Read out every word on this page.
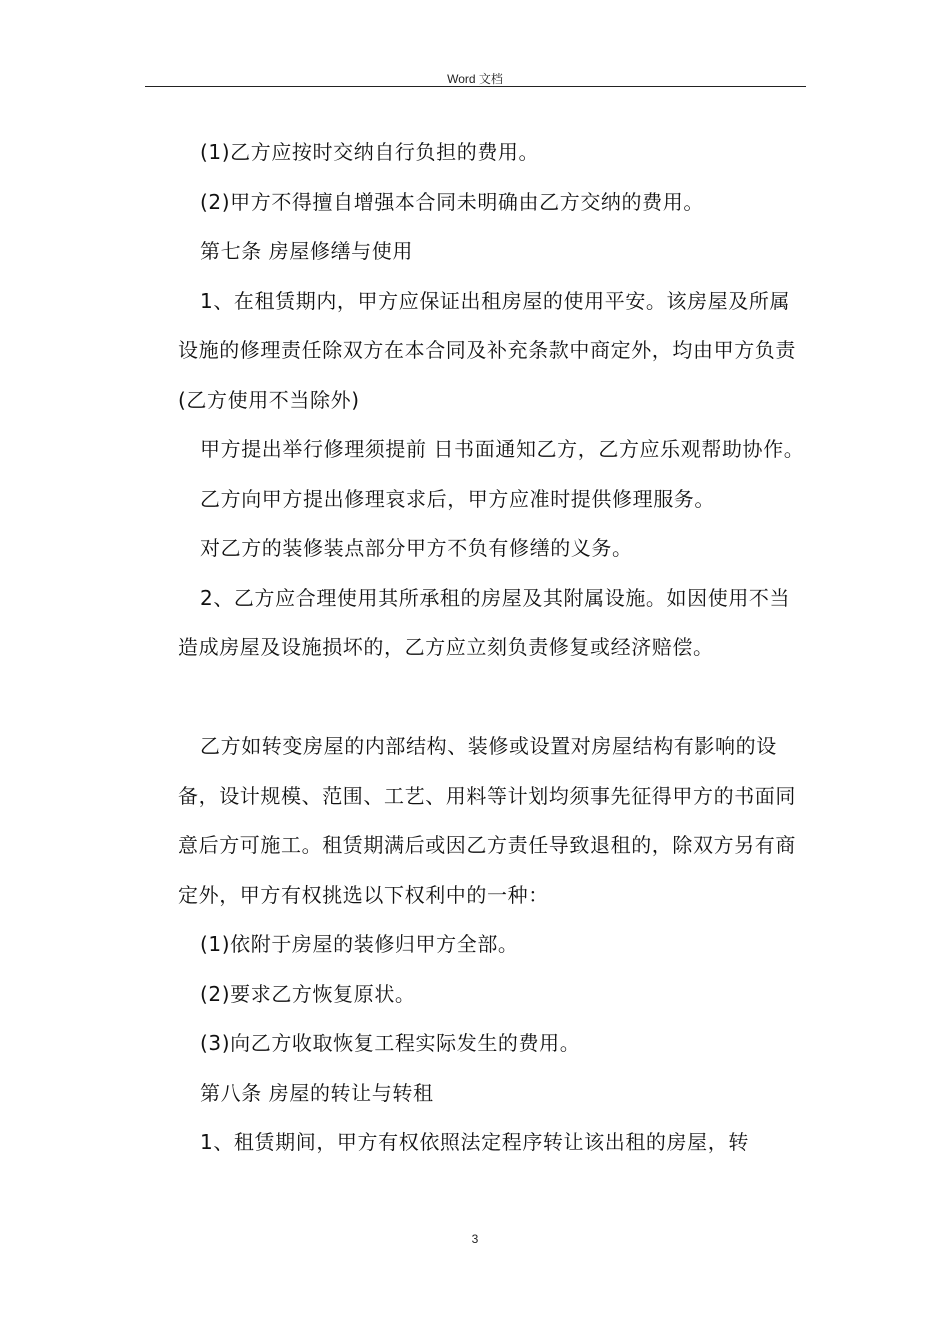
Word 文档

(1)乙方应按时交纳自行负担的费用。

(2)甲方不得擅自增强本合同未明确由乙方交纳的费用。

第七条 房屋修缮与使用

1、在租赁期内，甲方应保证出租房屋的使用平安。该房屋及所属设施的修理责任除双方在本合同及补充条款中商定外，均由甲方负责(乙方使用不当除外)

甲方提出举行修理须提前 日书面通知乙方，乙方应乐观帮助协作。

乙方向甲方提出修理哀求后，甲方应准时提供修理服务。

对乙方的装修装点部分甲方不负有修缮的义务。

2、乙方应合理使用其所承租的房屋及其附属设施。如因使用不当造成房屋及设施损坏的，乙方应立刻负责修复或经济赔偿。

乙方如转变房屋的内部结构、装修或设置对房屋结构有影响的设备，设计规模、范围、工艺、用料等计划均须事先征得甲方的书面同意后方可施工。租赁期满后或因乙方责任导致退租的，除双方另有商定外，甲方有权挑选以下权利中的一种：

(1)依附于房屋的装修归甲方全部。

(2)要求乙方恢复原状。

(3)向乙方收取恢复工程实际发生的费用。

第八条 房屋的转让与转租

1、租赁期间，甲方有权依照法定程序转让该出租的房屋，转

3
